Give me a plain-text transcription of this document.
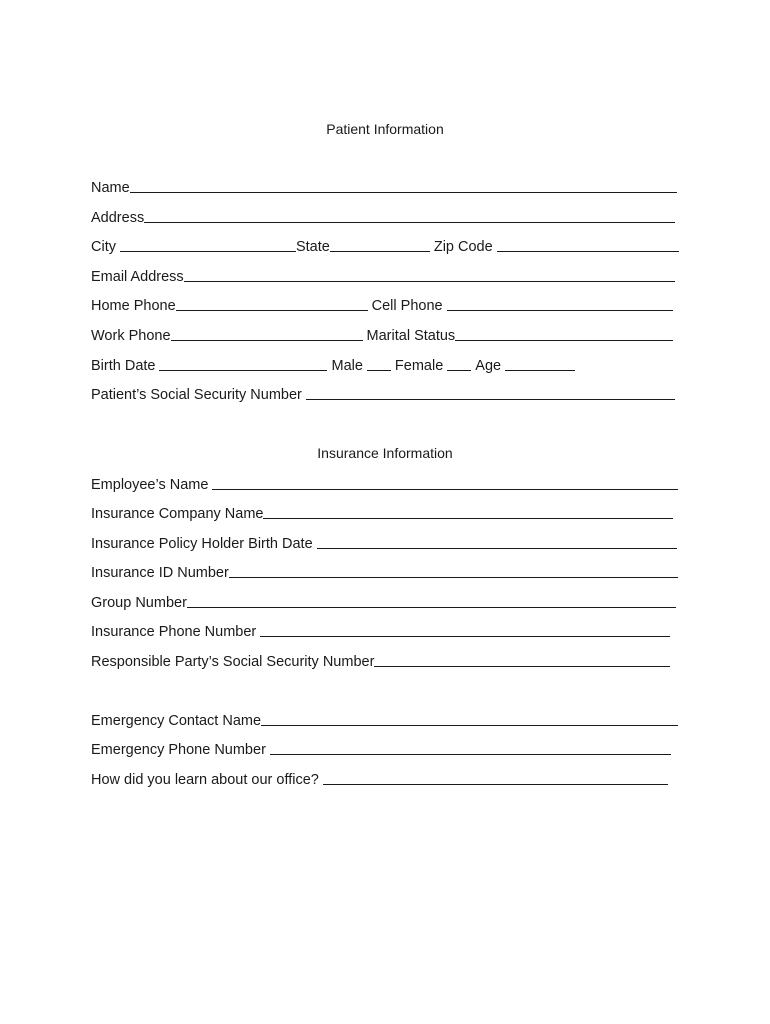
Patient Information
Name
Address
City	State	Zip Code
Email Address
Home Phone	Cell Phone
Work Phone	Marital Status
Birth Date	Male Female Age
Patient’s Social Security Number
Insurance Information
Employee’s Name
Insurance Company Name
Insurance Policy Holder Birth Date
Insurance ID Number
Group Number
Insurance Phone Number
Responsible Party’s Social Security Number
Emergency Contact Name
Emergency Phone Number
How did you learn about our office?
